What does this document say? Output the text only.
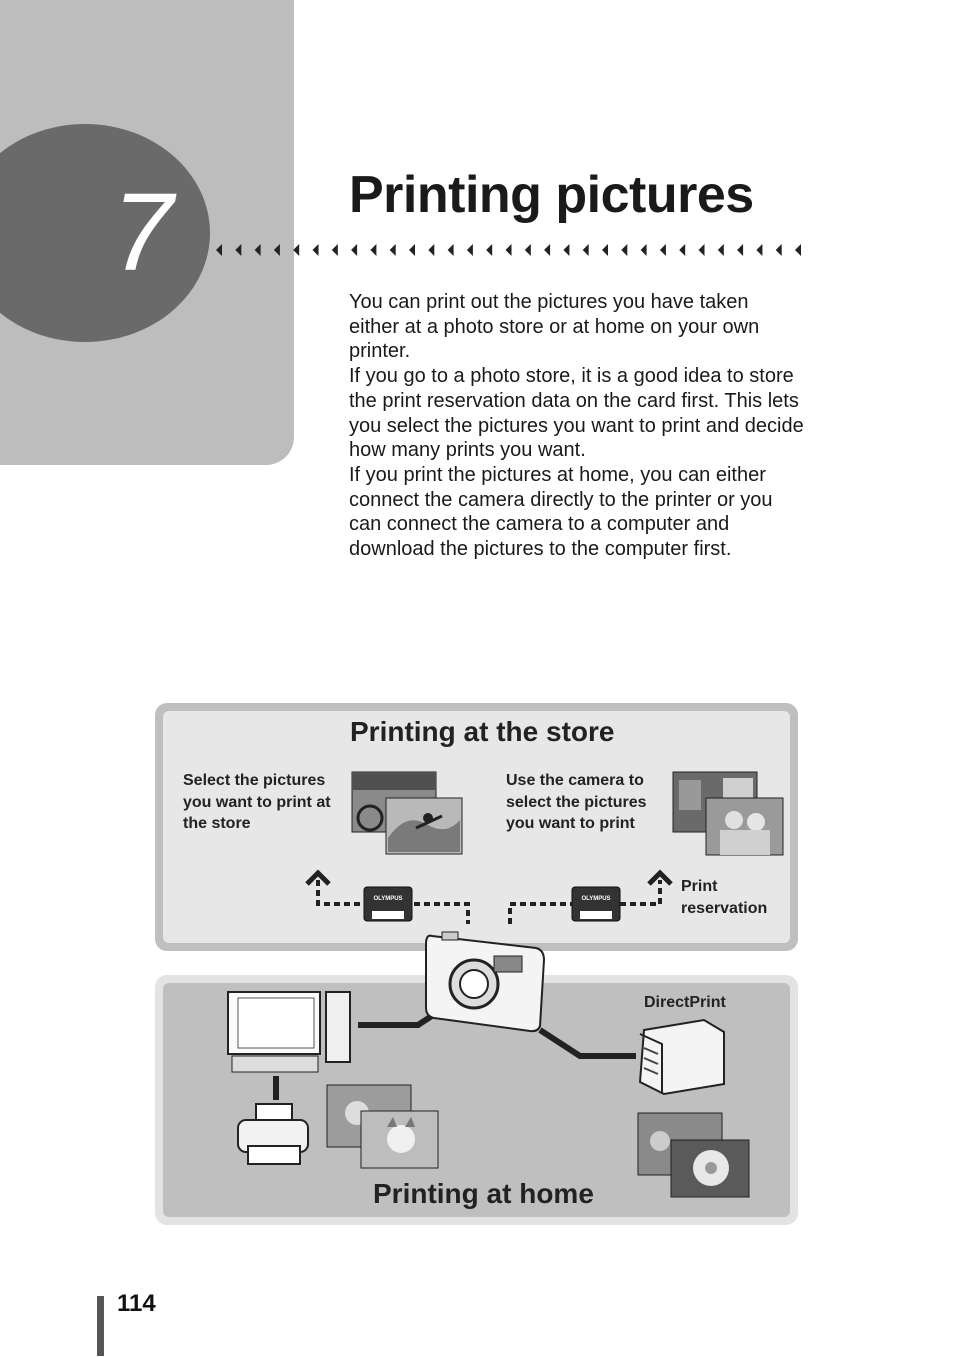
7	Printing pictures

You can print out the pictures you have taken either at a photo store or at home on your own printer.

If you go to a photo store, it is a good idea to store the print reservation data on the card first. This lets you select the pictures you want to print and decide how many prints you want.

If you print the pictures at home, you can either connect the camera directly to the printer or you can connect the camera to a computer and download the pictures to the computer first.

Printing at the store
Select the pictures you want to print at the store
Use the camera to select the pictures you want to print
Print reservation
DirectPrint
OLYMPUS	OLYMPUS
Printing at home
114
